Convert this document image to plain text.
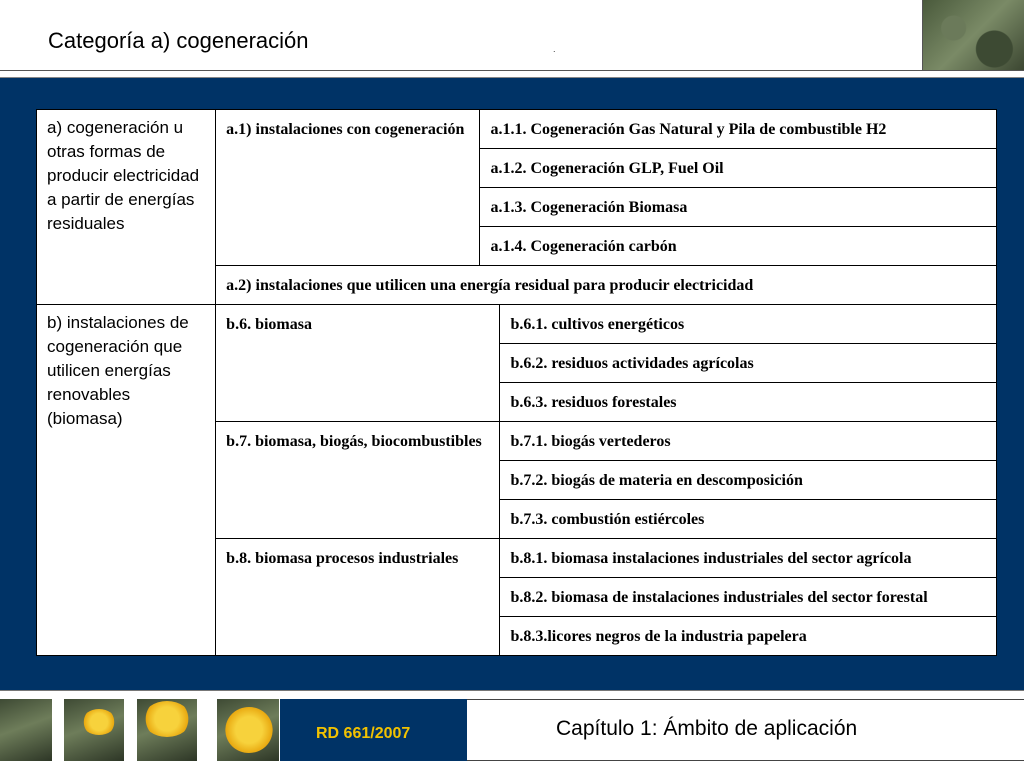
Categoría a) cogeneración	.
a) cogeneración u otras formas de producir electricidad a partir de energías residuales	a.1) instalaciones con cogeneración	a.1.1. Cogeneración Gas Natural y Pila de combustible H2	
		a.1.2. Cogeneración GLP, Fuel Oil	
		a.1.3. Cogeneración Biomasa	
		a.1.4. Cogeneración carbón	
	a.2) instalaciones que utilicen una energía residual para producir electricidad		
b) instalaciones de cogeneración que utilicen energías renovables (biomasa)	b.6. biomasa		b.6.1. cultivos energéticos
			b.6.2. residuos actividades agrícolas
			b.6.3. residuos forestales
	b.7. biomasa, biogás, biocombustibles		b.7.1. biogás vertederos
			b.7.2. biogás de materia en descomposición
			b.7.3. combustión estiércoles
	b.8. biomasa procesos industriales		b.8.1. biomasa instalaciones industriales del sector agrícola
			b.8.2. biomasa de instalaciones industriales del sector forestal
			b.8.3.licores negros de la industria papelera
RD 661/2007	Capítulo 1: Ámbito de aplicación
